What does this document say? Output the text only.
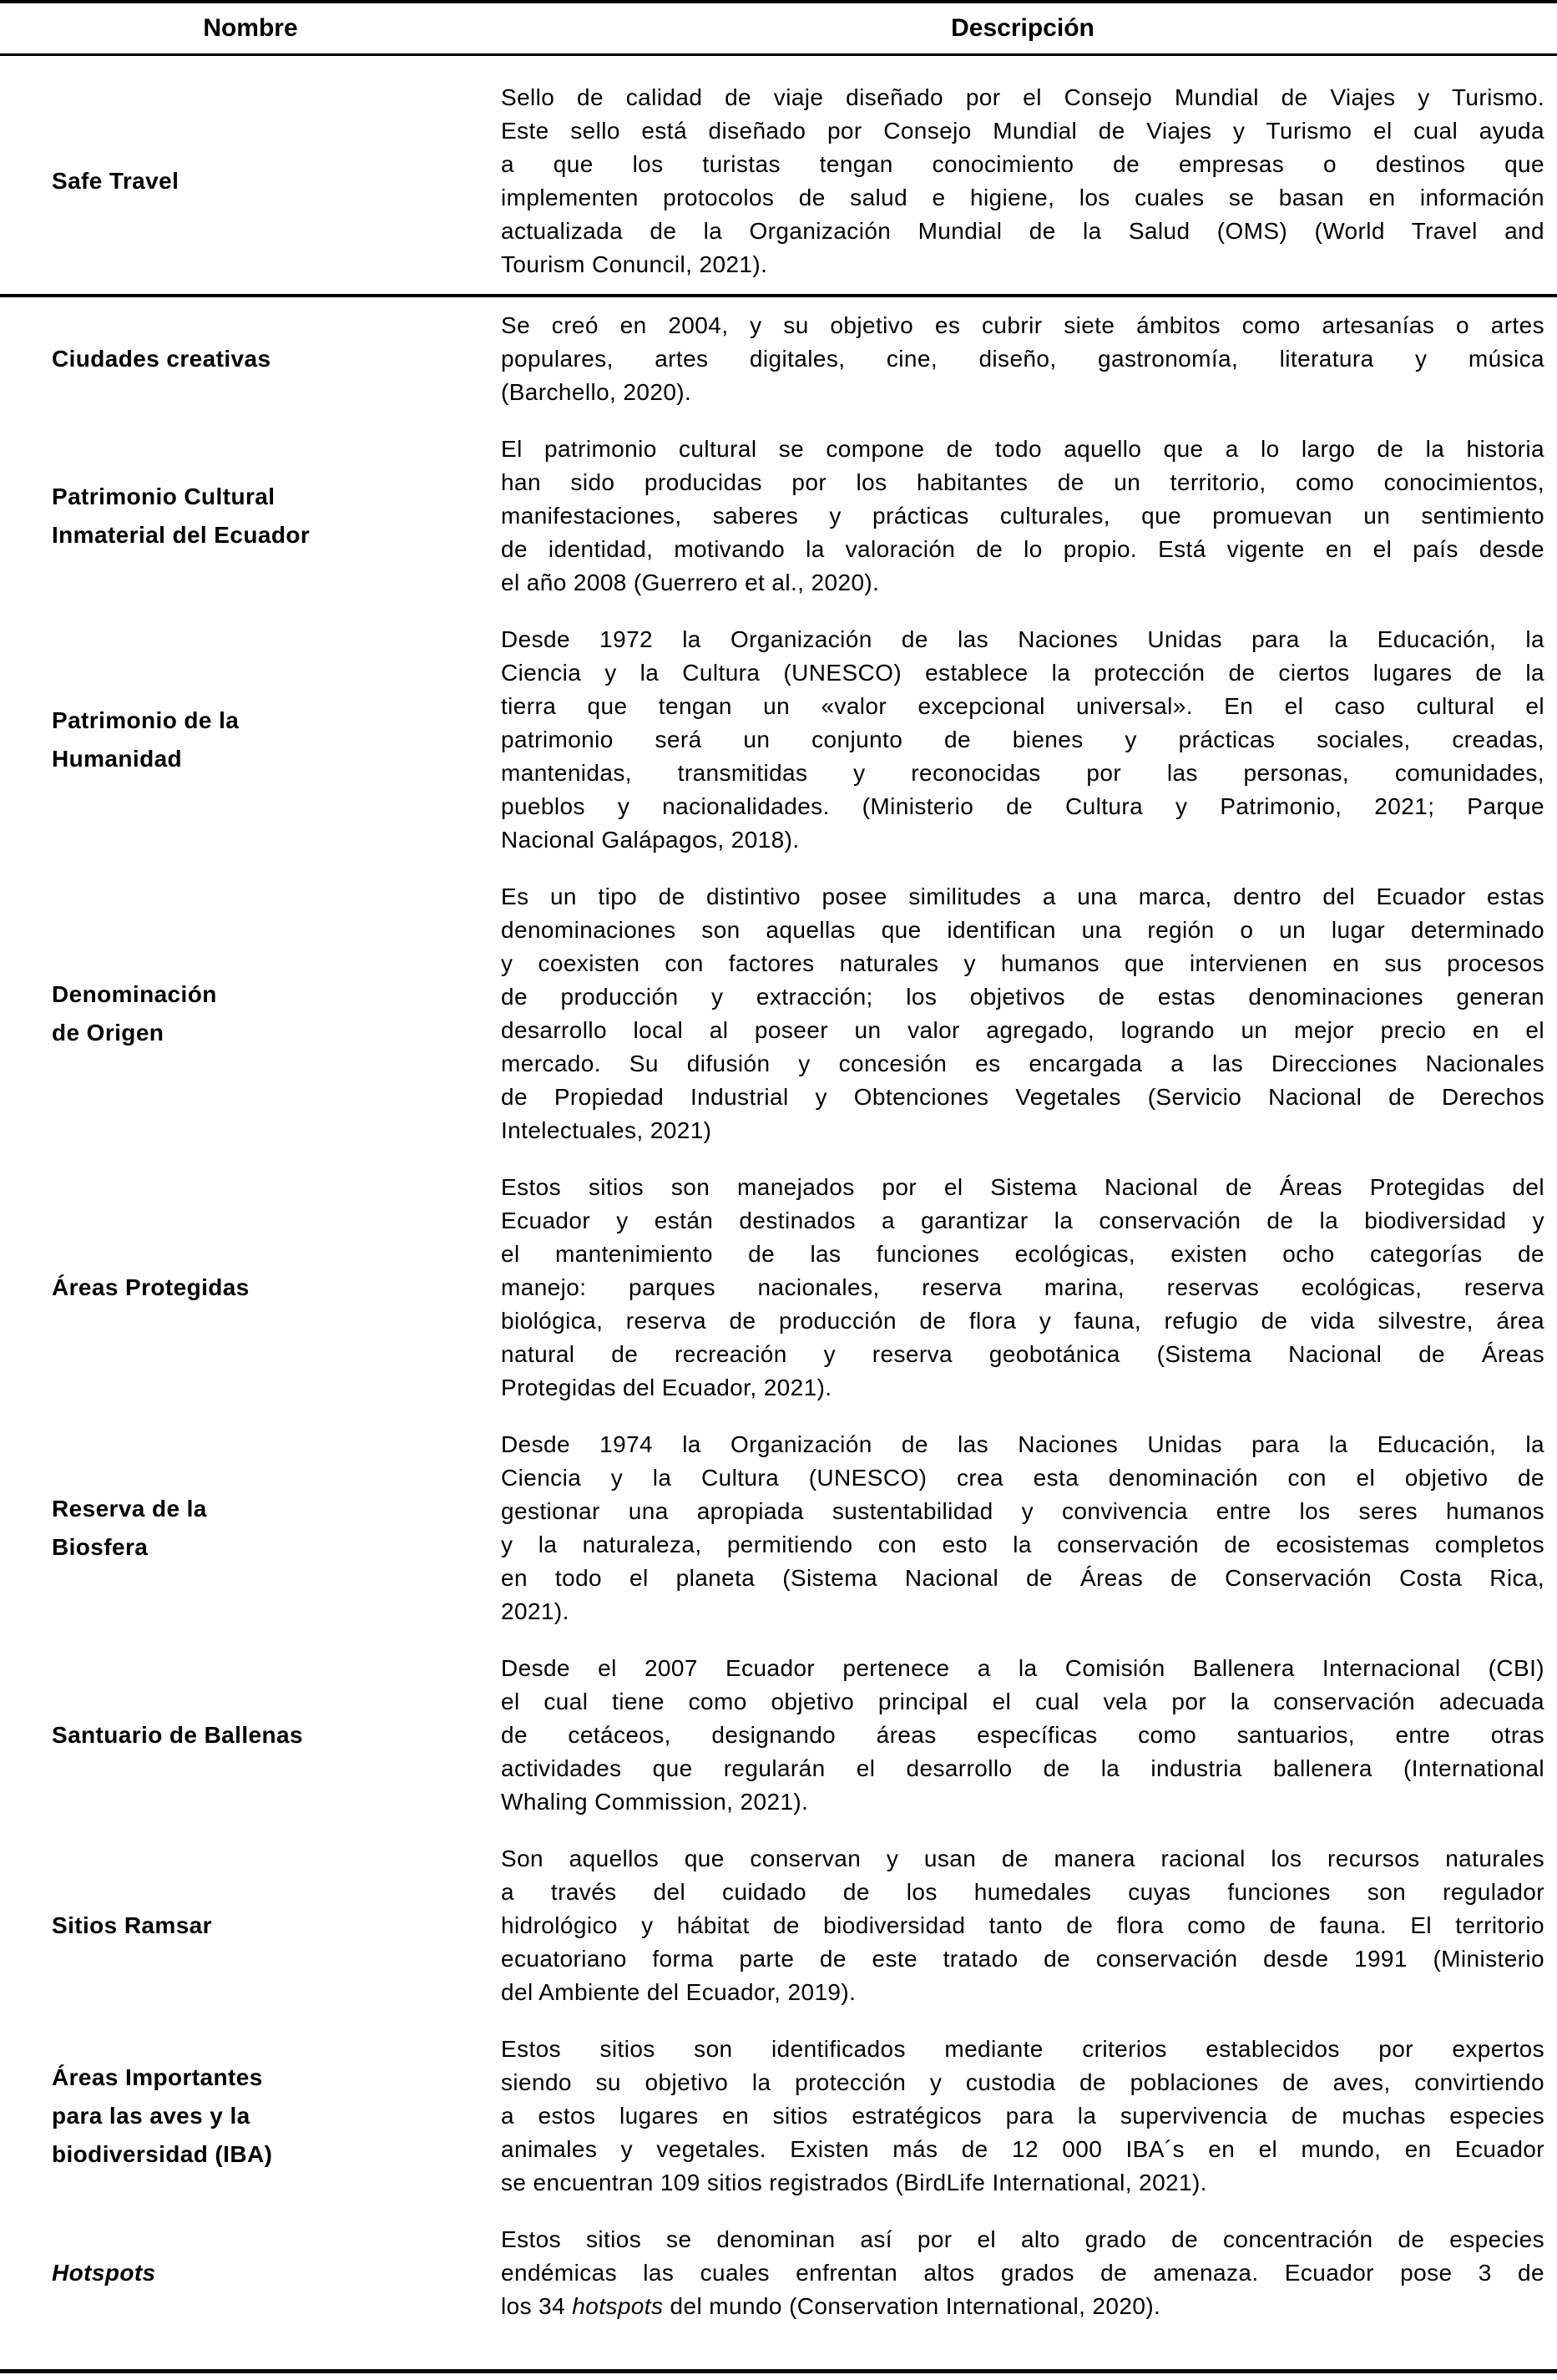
Nombre	Descripción
Safe Travel
Sello de calidad de viaje diseñado por el Consejo Mundial de Viajes y Turismo.
Este sello está diseñado por Consejo Mundial de Viajes y Turismo el cual ayuda
a que los turistas tengan conocimiento de empresas o destinos que
implementen protocolos de salud e higiene, los cuales se basan en información
actualizada de la Organización Mundial de la Salud (OMS) (World Travel and
Tourism Conuncil, 2021).
Ciudades creativas
Se creó en 2004, y su objetivo es cubrir siete ámbitos como artesanías o artes
populares, artes digitales, cine, diseño, gastronomía, literatura y música
(Barchello, 2020).
Patrimonio Cultural
Inmaterial del Ecuador
El patrimonio cultural se compone de todo aquello que a lo largo de la historia
han sido producidas por los habitantes de un territorio, como conocimientos,
manifestaciones, saberes y prácticas culturales, que promuevan un sentimiento
de identidad, motivando la valoración de lo propio. Está vigente en el país desde
el año 2008 (Guerrero et al., 2020).
Patrimonio de la
Humanidad
Desde 1972 la Organización de las Naciones Unidas para la Educación, la
Ciencia y la Cultura (UNESCO) establece la protección de ciertos lugares de la
tierra que tengan un «valor excepcional universal». En el caso cultural el
patrimonio será un conjunto de bienes y prácticas sociales, creadas,
mantenidas, transmitidas y reconocidas por las personas, comunidades,
pueblos y nacionalidades. (Ministerio de Cultura y Patrimonio, 2021; Parque
Nacional Galápagos, 2018).
Denominación
de Origen
Es un tipo de distintivo posee similitudes a una marca, dentro del Ecuador estas
denominaciones son aquellas que identifican una región o un lugar determinado
y coexisten con factores naturales y humanos que intervienen en sus procesos
de producción y extracción; los objetivos de estas denominaciones generan
desarrollo local al poseer un valor agregado, logrando un mejor precio en el
mercado. Su difusión y concesión es encargada a las Direcciones Nacionales
de Propiedad Industrial y Obtenciones Vegetales (Servicio Nacional de Derechos
Intelectuales, 2021)
Áreas Protegidas
Estos sitios son manejados por el Sistema Nacional de Áreas Protegidas del
Ecuador y están destinados a garantizar la conservación de la biodiversidad y
el mantenimiento de las funciones ecológicas, existen ocho categorías de
manejo: parques nacionales, reserva marina, reservas ecológicas, reserva
biológica, reserva de producción de flora y fauna, refugio de vida silvestre, área
natural de recreación y reserva geobotánica (Sistema Nacional de Áreas
Protegidas del Ecuador, 2021).
Reserva de la
Biosfera
Desde 1974 la Organización de las Naciones Unidas para la Educación, la
Ciencia y la Cultura (UNESCO) crea esta denominación con el objetivo de
gestionar una apropiada sustentabilidad y convivencia entre los seres humanos
y la naturaleza, permitiendo con esto la conservación de ecosistemas completos
en todo el planeta (Sistema Nacional de Áreas de Conservación Costa Rica,
2021).
Santuario de Ballenas
Desde el 2007 Ecuador pertenece a la Comisión Ballenera Internacional (CBI)
el cual tiene como objetivo principal el cual vela por la conservación adecuada
de cetáceos, designando áreas específicas como santuarios, entre otras
actividades que regularán el desarrollo de la industria ballenera (International
Whaling Commission, 2021).
Sitios Ramsar
Son aquellos que conservan y usan de manera racional los recursos naturales
a través del cuidado de los humedales cuyas funciones son regulador
hidrológico y hábitat de biodiversidad tanto de flora como de fauna. El territorio
ecuatoriano forma parte de este tratado de conservación desde 1991 (Ministerio
del Ambiente del Ecuador, 2019).
Áreas Importantes
para las aves y la
biodiversidad (IBA)
Estos sitios son identificados mediante criterios establecidos por expertos
siendo su objetivo la protección y custodia de poblaciones de aves, convirtiendo
a estos lugares en sitios estratégicos para la supervivencia de muchas especies
animales y vegetales. Existen más de 12 000 IBA´s en el mundo, en Ecuador
se encuentran 109 sitios registrados (BirdLife International, 2021).
Hotspots
Estos sitios se denominan así por el alto grado de concentración de especies
endémicas las cuales enfrentan altos grados de amenaza. Ecuador pose 3 de
los 34 hotspots del mundo (Conservation International, 2020).
